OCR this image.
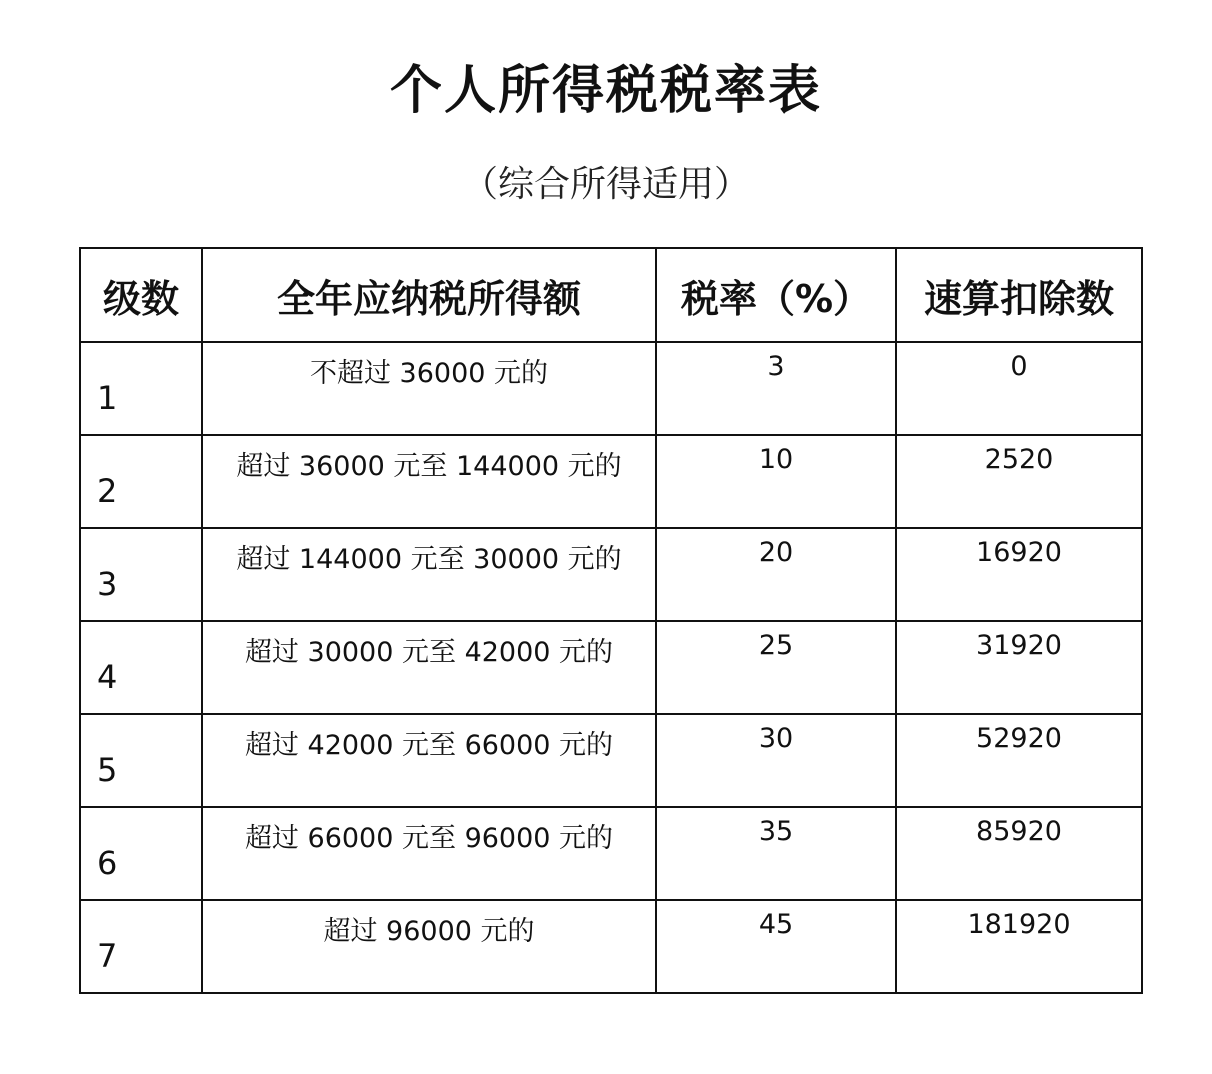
个人所得税税率表
（综合所得适用）
级数	全年应纳税所得额	税率（%）	速算扣除数
1	不超过 36000 元的	3	0
2	超过 36000 元至 144000 元的	10	2520
3	超过 144000 元至 30000 元的	20	16920
4	超过 30000 元至 42000 元的	25	31920
5	超过 42000 元至 66000 元的	30	52920
6	超过 66000 元至 96000 元的	35	85920
7	超过 96000 元的	45	181920
